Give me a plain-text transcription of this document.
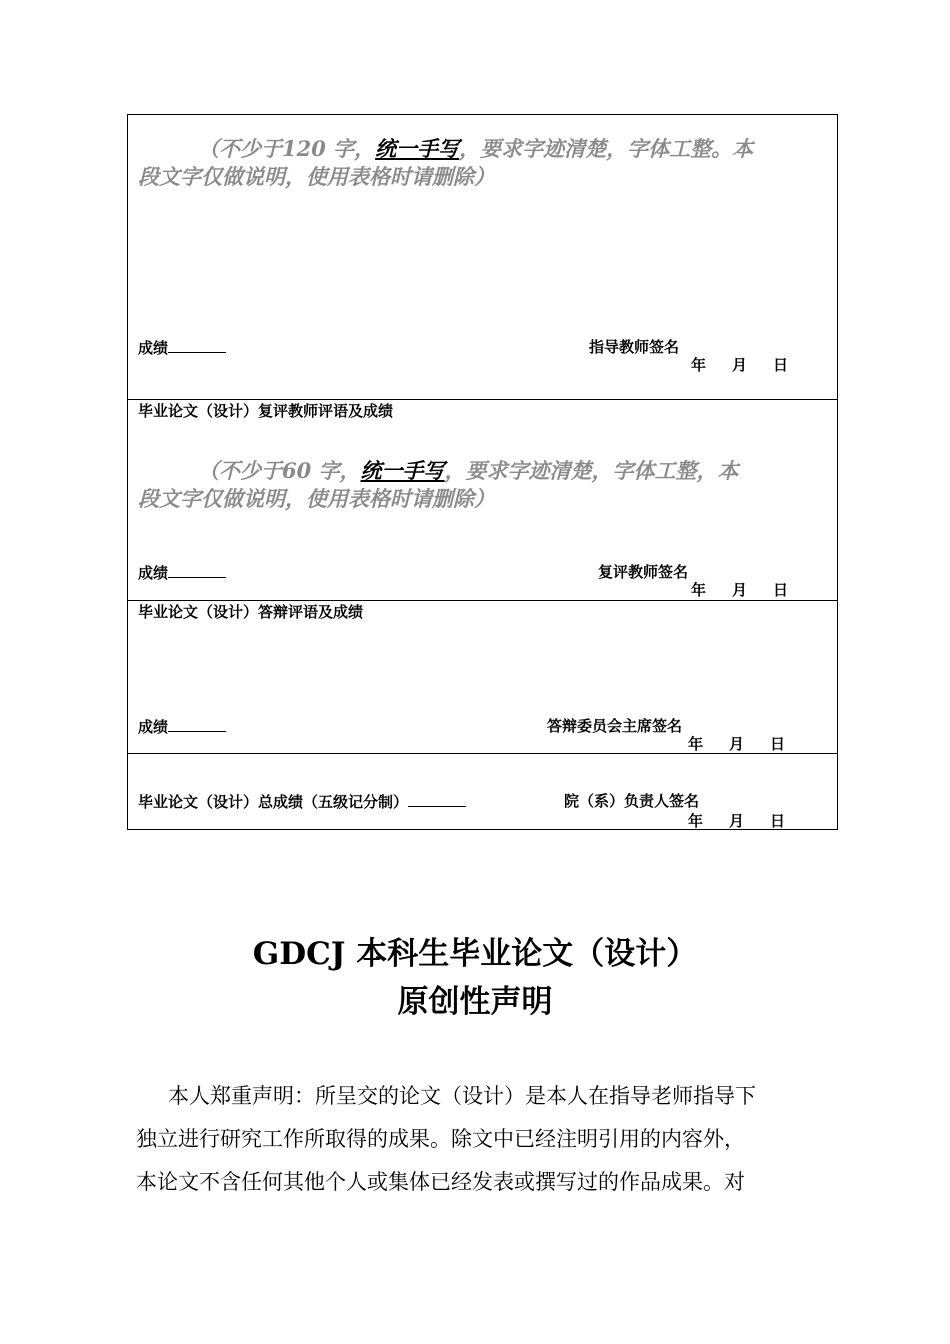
（不少于120 字，统一手写，要求字迹清楚，字体工整。本
段文字仅做说明，使用表格时请删除）
成绩	指导教师签名
年 月 日
毕业论文（设计）复评教师评语及成绩
（不少于60 字，统一手写，要求字迹清楚，字体工整，本
段文字仅做说明，使用表格时请删除）
成绩	复评教师签名
年 月 日
毕业论文（设计）答辩评语及成绩
成绩	答辩委员会主席签名
年 月 日
毕业论文（设计）总成绩（五级记分制）	院（系）负责人签名
年 月 日
GDCJ 本科生毕业论文（设计）
原创性声明
本人郑重声明：所呈交的论文（设计）是本人在指导老师指导下
独立进行研究工作所取得的成果。除文中已经注明引用的内容外，
本论文不含任何其他个人或集体已经发表或撰写过的作品成果。对
